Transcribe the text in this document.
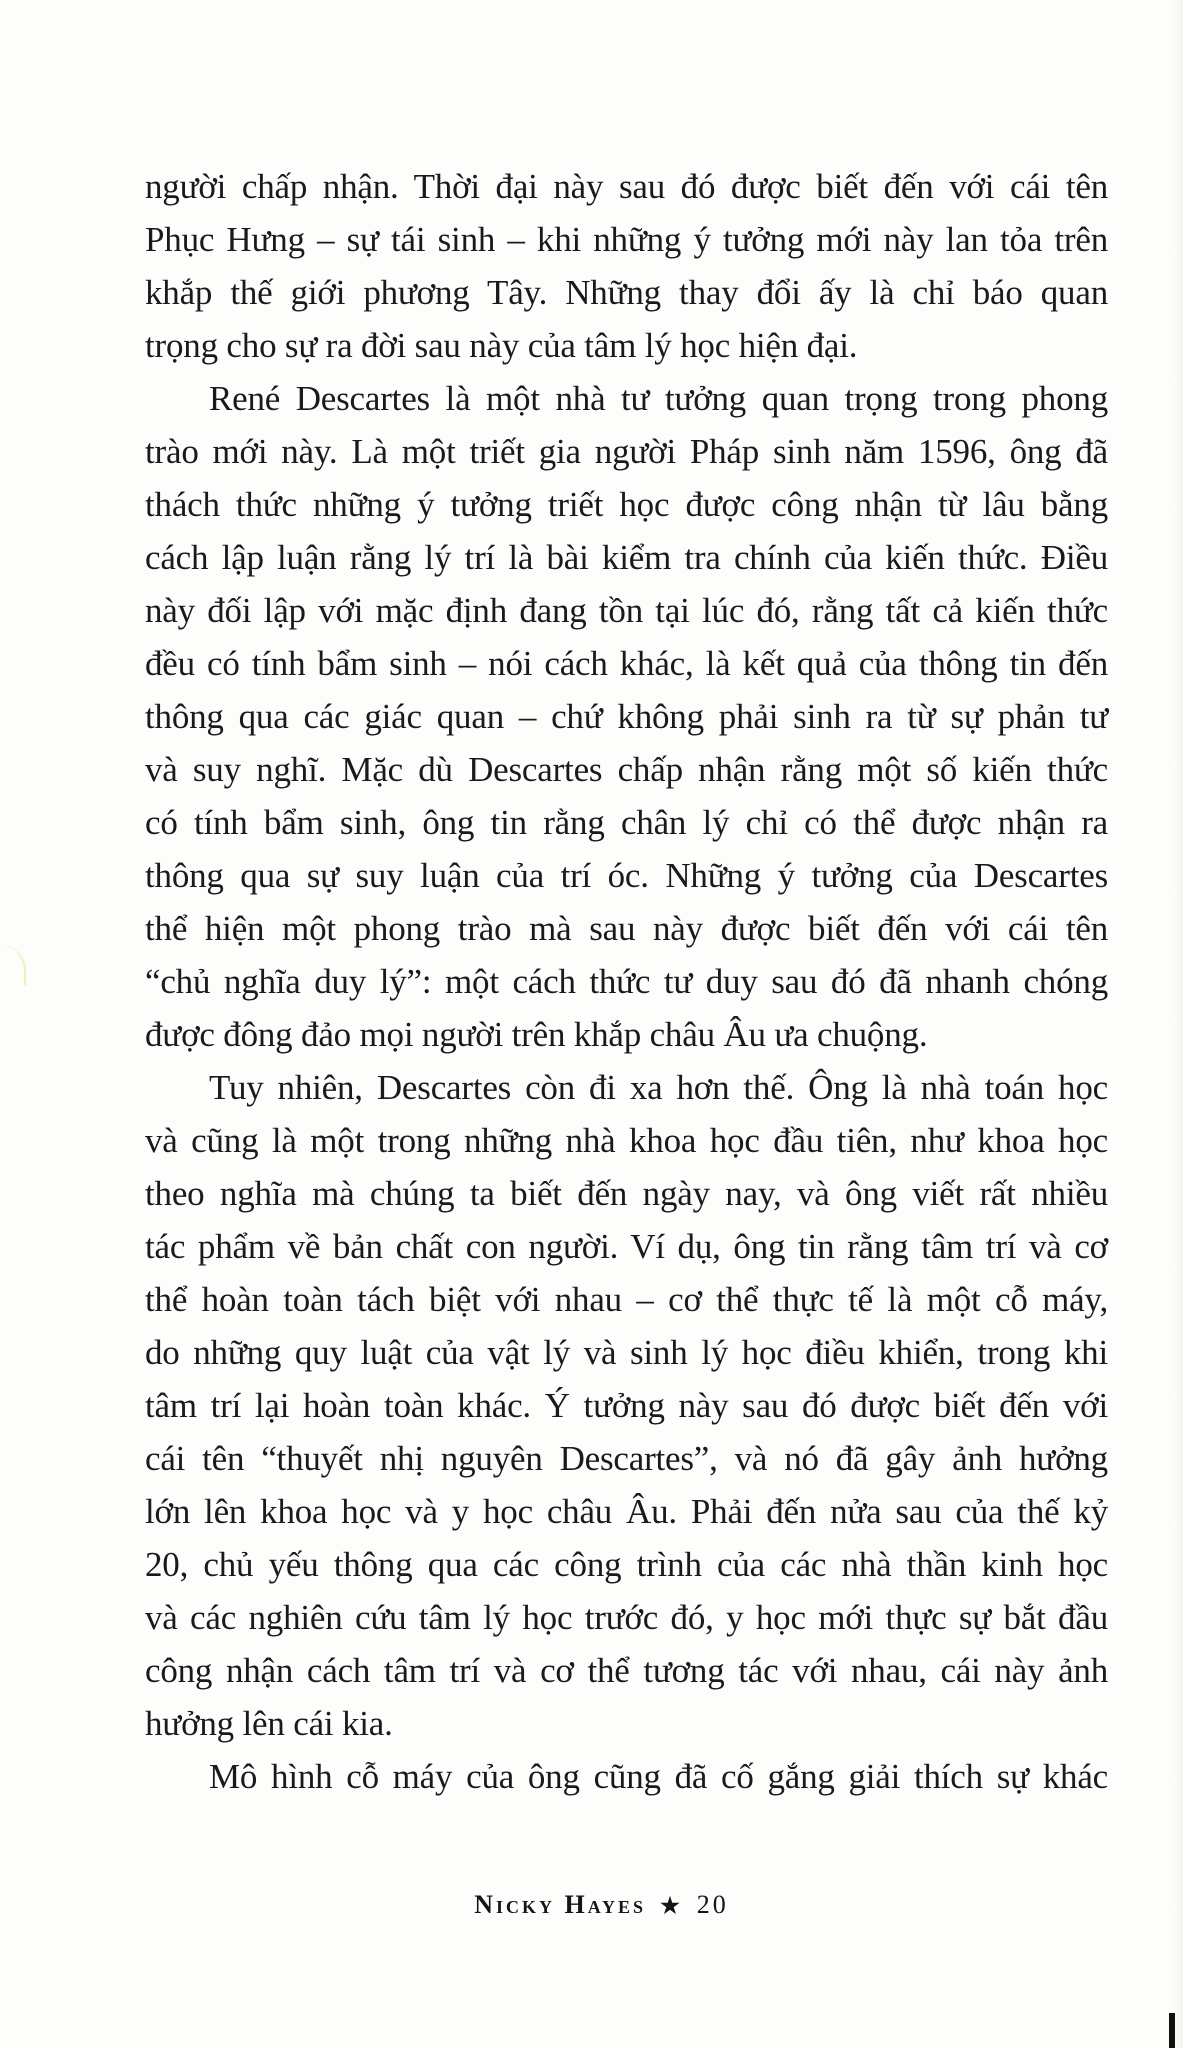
người chấp nhận. Thời đại này sau đó được biết đến với cái tên
Phục Hưng – sự tái sinh – khi những ý tưởng mới này lan tỏa trên
khắp thế giới phương Tây. Những thay đổi ấy là chỉ báo quan
trọng cho sự ra đời sau này của tâm lý học hiện đại.
René Descartes là một nhà tư tưởng quan trọng trong phong
trào mới này. Là một triết gia người Pháp sinh năm 1596, ông đã
thách thức những ý tưởng triết học được công nhận từ lâu bằng
cách lập luận rằng lý trí là bài kiểm tra chính của kiến thức. Điều
này đối lập với mặc định đang tồn tại lúc đó, rằng tất cả kiến thức
đều có tính bẩm sinh – nói cách khác, là kết quả của thông tin đến
thông qua các giác quan – chứ không phải sinh ra từ sự phản tư
và suy nghĩ. Mặc dù Descartes chấp nhận rằng một số kiến thức
có tính bẩm sinh, ông tin rằng chân lý chỉ có thể được nhận ra
thông qua sự suy luận của trí óc. Những ý tưởng của Descartes
thể hiện một phong trào mà sau này được biết đến với cái tên
“chủ nghĩa duy lý”: một cách thức tư duy sau đó đã nhanh chóng
được đông đảo mọi người trên khắp châu Âu ưa chuộng.
Tuy nhiên, Descartes còn đi xa hơn thế. Ông là nhà toán học
và cũng là một trong những nhà khoa học đầu tiên, như khoa học
theo nghĩa mà chúng ta biết đến ngày nay, và ông viết rất nhiều
tác phẩm về bản chất con người. Ví dụ, ông tin rằng tâm trí và cơ
thể hoàn toàn tách biệt với nhau – cơ thể thực tế là một cỗ máy,
do những quy luật của vật lý và sinh lý học điều khiển, trong khi
tâm trí lại hoàn toàn khác. Ý tưởng này sau đó được biết đến với
cái tên “thuyết nhị nguyên Descartes”, và nó đã gây ảnh hưởng
lớn lên khoa học và y học châu Âu. Phải đến nửa sau của thế kỷ
20, chủ yếu thông qua các công trình của các nhà thần kinh học
và các nghiên cứu tâm lý học trước đó, y học mới thực sự bắt đầu
công nhận cách tâm trí và cơ thể tương tác với nhau, cái này ảnh
hưởng lên cái kia.
Mô hình cỗ máy của ông cũng đã cố gắng giải thích sự khác
Nicky Hayes ★ 20
